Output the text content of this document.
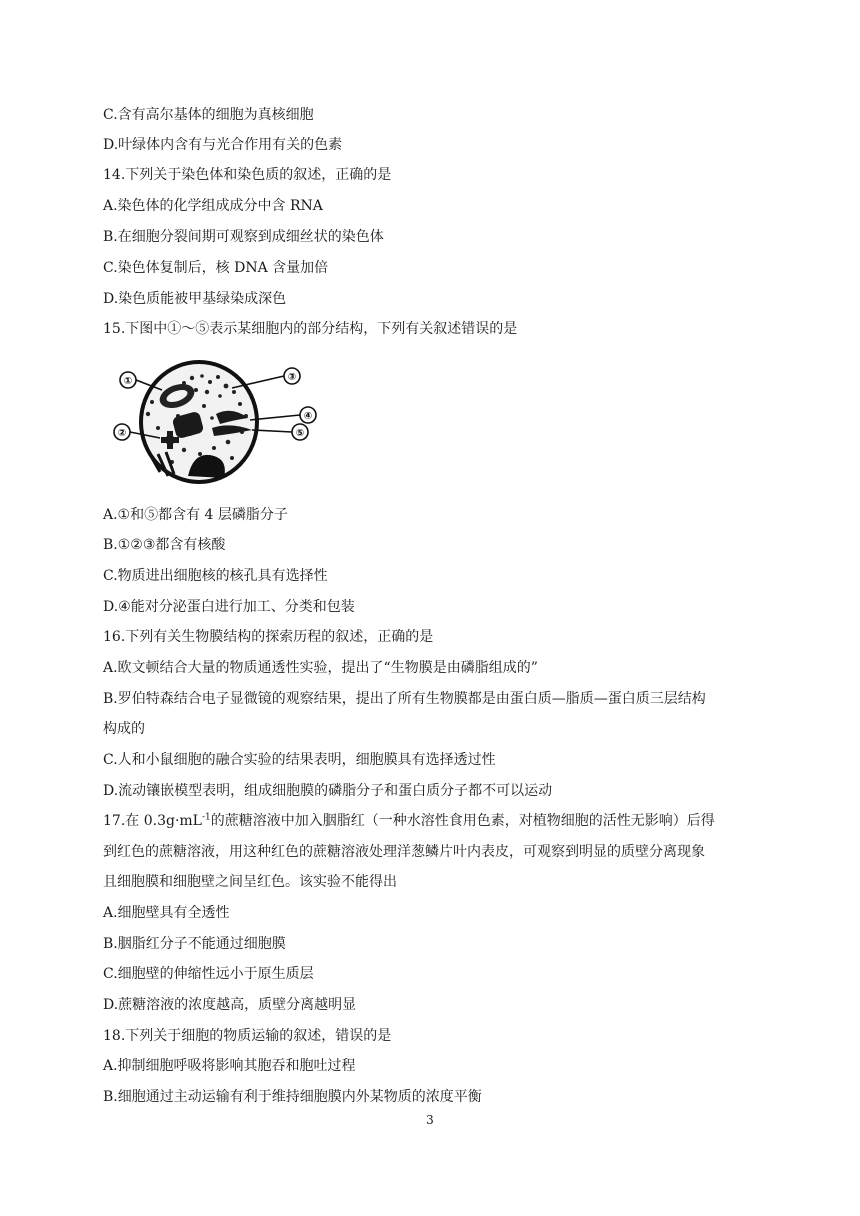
C.含有高尔基体的细胞为真核细胞
D.叶绿体内含有与光合作用有关的色素
14.下列关于染色体和染色质的叙述，正确的是
A.染色体的化学组成成分中含 RNA
B.在细胞分裂间期可观察到成细丝状的染色体
C.染色体复制后，核 DNA 含量加倍
D.染色质能被甲基绿染成深色
15.下图中①～⑤表示某细胞内的部分结构，下列有关叙述错误的是
①
②
③
④
⑤
A.①和⑤都含有 4 层磷脂分子
B.①②③都含有核酸
C.物质进出细胞核的核孔具有选择性
D.④能对分泌蛋白进行加工、分类和包装
16.下列有关生物膜结构的探索历程的叙述，正确的是
A.欧文顿结合大量的物质通透性实验，提出了“生物膜是由磷脂组成的”
B.罗伯特森结合电子显微镜的观察结果，提出了所有生物膜都是由蛋白质—脂质—蛋白质三层结构
构成的
C.人和小鼠细胞的融合实验的结果表明，细胞膜具有选择透过性
D.流动镶嵌模型表明，组成细胞膜的磷脂分子和蛋白质分子都不可以运动
17.在 $0.3g\cdot mL^{-1}$的蔗糖溶液中加入胭脂红（一种水溶性食用色素，对植物细胞的活性无影响）后得
到红色的蔗糖溶液，用这种红色的蔗糖溶液处理洋葱鳞片叶内表皮，可观察到明显的质壁分离现象
且细胞膜和细胞壁之间呈红色。该实验不能得出
A.细胞壁具有全透性
B.胭脂红分子不能通过细胞膜
C.细胞壁的伸缩性远小于原生质层
D.蔗糖溶液的浓度越高，质壁分离越明显
18.下列关于细胞的物质运输的叙述，错误的是
A.抑制细胞呼吸将影响其胞吞和胞吐过程
B.细胞通过主动运输有利于维持细胞膜内外某物质的浓度平衡
3
